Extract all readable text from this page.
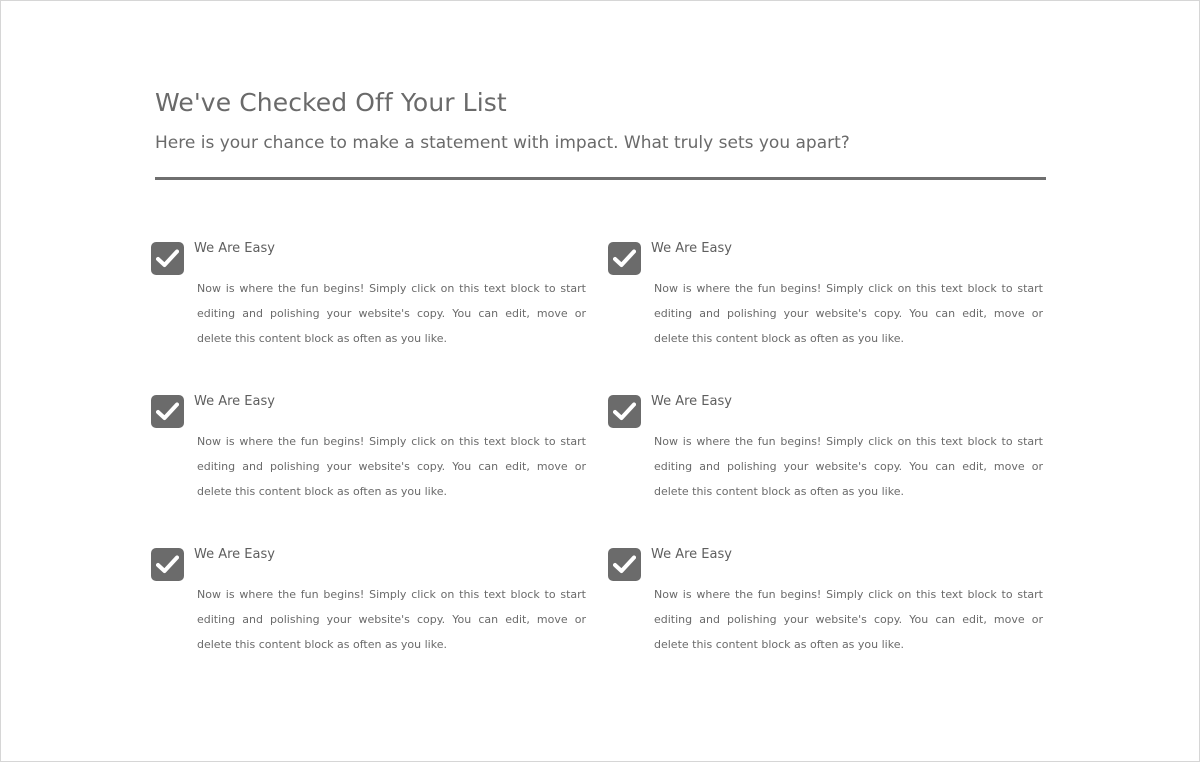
We've Checked Off Your List

Here is your chance to make a statement with impact. What truly sets you apart?

We Are Easy

Now is where the fun begins! Simply click on this text block to start editing and polishing your website's copy. You can edit, move or delete this content block as often as you like.

We Are Easy

Now is where the fun begins! Simply click on this text block to start editing and polishing your website's copy. You can edit, move or delete this content block as often as you like.

We Are Easy

Now is where the fun begins! Simply click on this text block to start editing and polishing your website's copy. You can edit, move or delete this content block as often as you like.

We Are Easy

Now is where the fun begins! Simply click on this text block to start editing and polishing your website's copy. You can edit, move or delete this content block as often as you like.

We Are Easy

Now is where the fun begins! Simply click on this text block to start editing and polishing your website's copy. You can edit, move or delete this content block as often as you like.

We Are Easy

Now is where the fun begins! Simply click on this text block to start editing and polishing your website's copy. You can edit, move or delete this content block as often as you like.
